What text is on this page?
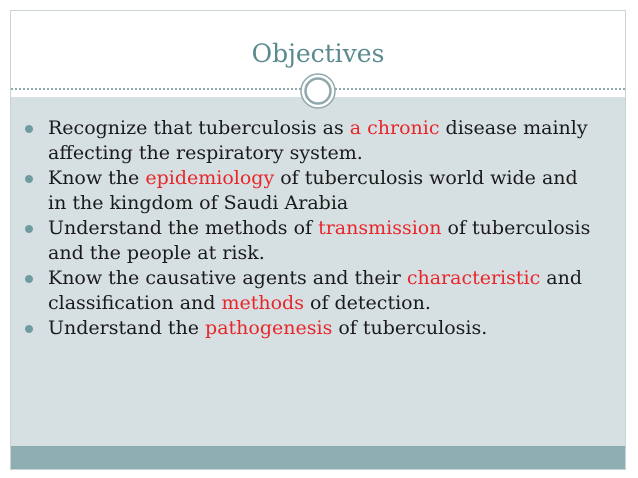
Objectives
Recognize that tuberculosis as a chronic disease mainly affecting the respiratory system.
Know the epidemiology of tuberculosis world wide and in the kingdom of Saudi Arabia
Understand the methods of transmission of tuberculosis and the people at risk.
Know the causative agents and their characteristic and classification and methods of detection.
Understand the pathogenesis of tuberculosis.
